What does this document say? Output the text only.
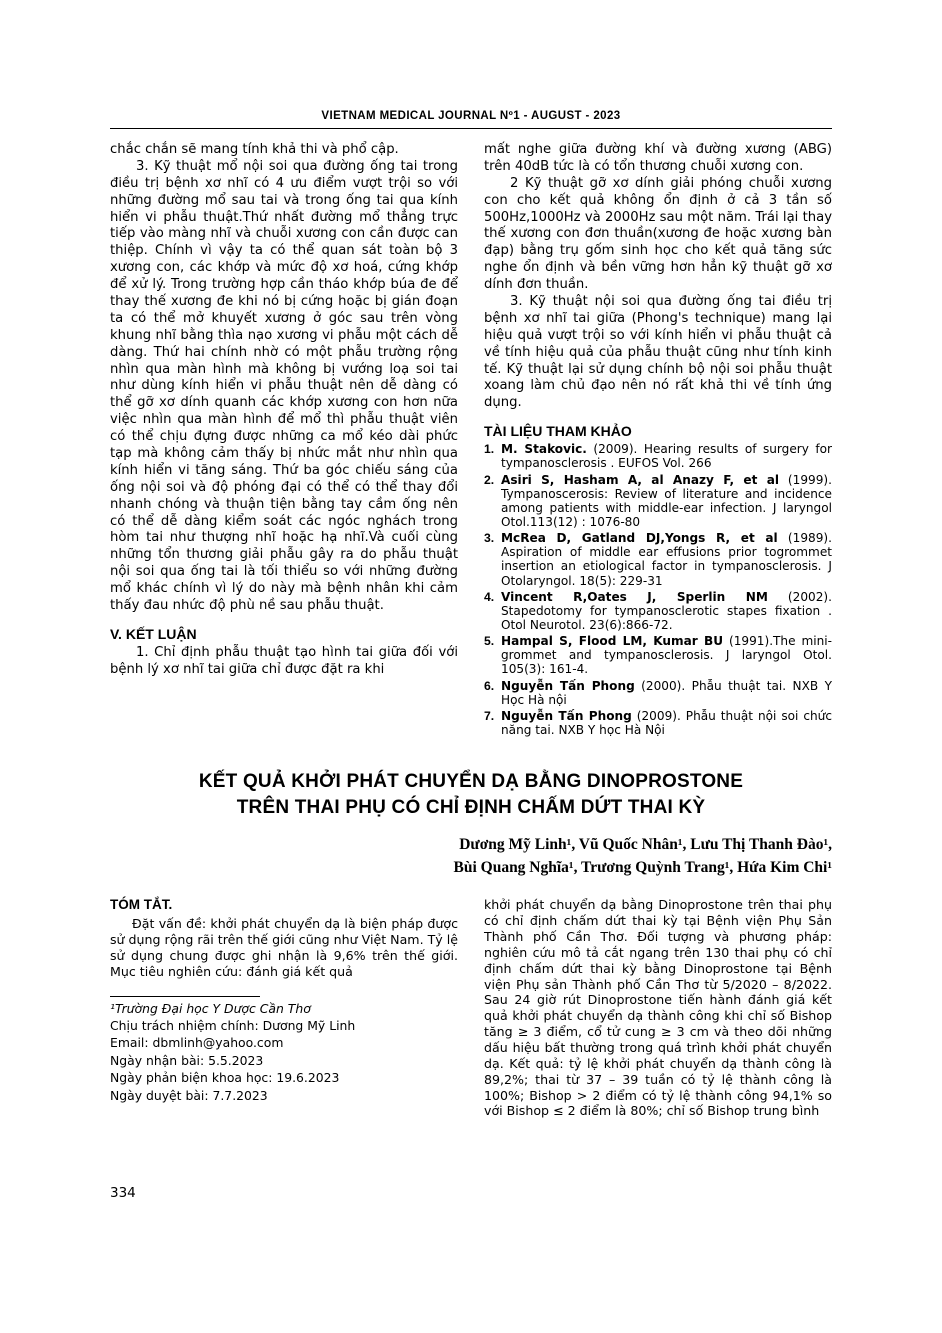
VIETNAM MEDICAL JOURNAL Nº1 - AUGUST - 2023

chắc chắn sẽ mang tính khả thi và phổ cập.

3. Kỹ thuật mổ nội soi qua đường ống tai trong điều trị bệnh xơ nhĩ có 4 ưu điểm vượt trội so với những đường mổ sau tai và trong ống tai qua kính hiển vi phẫu thuật.Thứ nhất đường mổ thẳng trực tiếp vào màng nhĩ và chuỗi xương con cần được can thiệp. Chính vì vậy ta có thể quan sát toàn bộ 3 xương con, các khớp và mức độ xơ hoá, cứng khớp để xử lý. Trong trường hợp cần tháo khớp búa đe để thay thế xương đe khi nó bị cứng hoặc bị gián đoạn ta có thể mở khuyết xương ở góc sau trên vòng khung nhĩ bằng thìa nạo xương vi phẫu một cách dễ dàng. Thứ hai chính nhờ có một phẫu trường rộng nhìn qua màn hình mà không bị vướng loạ soi tai như dùng kính hiển vi phẫu thuật nên dễ dàng có thể gỡ xơ dính quanh các khớp xương con hơn nữa việc nhìn qua màn hình để mổ thì phẫu thuật viên có thể chịu đựng được những ca mổ kéo dài phức tạp mà không cảm thấy bị nhức mắt như nhìn qua kính hiển vi tăng sáng. Thứ ba góc chiếu sáng của ống nội soi và độ phóng đại có thể có thể thay đổi nhanh chóng và thuận tiện bằng tay cầm ống nên có thể dễ dàng kiểm soát các ngóc nghách trong hòm tai như thượng nhĩ hoặc hạ nhĩ.Và cuối cùng những tổn thương giải phẫu gây ra do phẫu thuật nội soi qua ống tai là tối thiểu so với những đường mổ khác chính vì lý do này mà bệnh nhân khi cảm thấy đau nhức độ phù nề sau phẫu thuật.

V. KẾT LUẬN

1. Chỉ định phẫu thuật tạo hình tai giữa đối với bệnh lý xơ nhĩ tai giữa chỉ được đặt ra khi

mất nghe giữa đường khí và đường xương (ABG) trên 40dB tức là có tổn thương chuỗi xương con.

2 Kỹ thuật gỡ xơ dính giải phóng chuỗi xương con cho kết quả không ổn định ở cả 3 tần số 500Hz,1000Hz và 2000Hz sau một năm. Trái lại thay thế xương con đơn thuần(xương đe hoặc xương bàn đạp) bằng trụ gốm sinh học cho kết quả tăng sức nghe ổn định và bền vững hơn hẳn kỹ thuật gỡ xơ dính đơn thuần.

3. Kỹ thuật nội soi qua đường ống tai điều trị bệnh xơ nhĩ tai giữa (Phong's technique) mang lại hiệu quả vượt trội so với kính hiển vi phẫu thuật cả về tính hiệu quả của phẫu thuật cũng như tính kinh tế. Kỹ thuật lại sử dụng chính bộ nội soi phẫu thuật xoang làm chủ đạo nên nó rất khả thi về tính ứng dụng.

TÀI LIỆU THAM KHẢO
1. M. Stakovic. (2009). Hearing results of surgery for tympanosclerosis . EUFOS Vol. 266
2. Asiri S, Hasham A, al Anazy F, et al (1999). Tympanoscerosis: Review of literature and incidence among patients with middle-ear infection. J laryngol Otol.113(12) : 1076-80
3. McRea D, Gatland DJ,Yongs R, et al (1989). Aspiration of middle ear effusions prior togrommet insertion an etiological factor in tympanosclerosis. J Otolaryngol. 18(5): 229-31
4. Vincent R,Oates J, Sperlin NM (2002). Stapedotomy for tympanosclerotic stapes fixation . Otol Neurotol. 23(6):866-72.
5. Hampal S, Flood LM, Kumar BU (1991).The mini-grommet and tympanosclerosis. J laryngol Otol. 105(3): 161-4.
6. Nguyễn Tấn Phong (2000). Phẫu thuật tai. NXB Y Học Hà nội
7. Nguyễn Tấn Phong (2009). Phẫu thuật nội soi chức năng tai. NXB Y học Hà Nội
KẾT QUẢ KHỞI PHÁT CHUYỂN DẠ BẰNG DINOPROSTONE
TRÊN THAI PHỤ CÓ CHỈ ĐỊNH CHẤM DỨT THAI KỲ
Dương Mỹ Linh¹, Vũ Quốc Nhân¹, Lưu Thị Thanh Đào¹,
Bùi Quang Nghĩa¹, Trương Quỳnh Trang¹, Hứa Kim Chi¹
TÓM TẮT.

Đặt vấn đề: khởi phát chuyển dạ là biện pháp được sử dụng rộng rãi trên thế giới cũng như Việt Nam. Tỷ lệ sử dụng chung được ghi nhận là 9,6% trên thế giới. Mục tiêu nghiên cứu: đánh giá kết quả

¹Trường Đại học Y Dược Cần Thơ
Chịu trách nhiệm chính: Dương Mỹ Linh
Email: dbmlinh@yahoo.com
Ngày nhận bài: 5.5.2023
Ngày phản biện khoa học: 19.6.2023
Ngày duyệt bài: 7.7.2023

khởi phát chuyển dạ bằng Dinoprostone trên thai phụ có chỉ định chấm dứt thai kỳ tại Bệnh viện Phụ Sản Thành phố Cần Thơ. Đối tượng và phương pháp: nghiên cứu mô tả cắt ngang trên 130 thai phụ có chỉ định chấm dứt thai kỳ bằng Dinoprostone tại Bệnh viện Phụ sản Thành phố Cần Thơ từ 5/2020 – 8/2022. Sau 24 giờ rút Dinoprostone tiến hành đánh giá kết quả khởi phát chuyển dạ thành công khi chỉ số Bishop tăng ≥ 3 điểm, cổ tử cung ≥ 3 cm và theo dõi những dấu hiệu bất thường trong quá trình khởi phát chuyển dạ. Kết quả: tỷ lệ khởi phát chuyển dạ thành công là 89,2%; thai từ 37 – 39 tuần có tỷ lệ thành công là 100%; Bishop > 2 điểm có tỷ lệ thành công 94,1% so với Bishop ≤ 2 điểm là 80%; chỉ số Bishop trung bình

334
